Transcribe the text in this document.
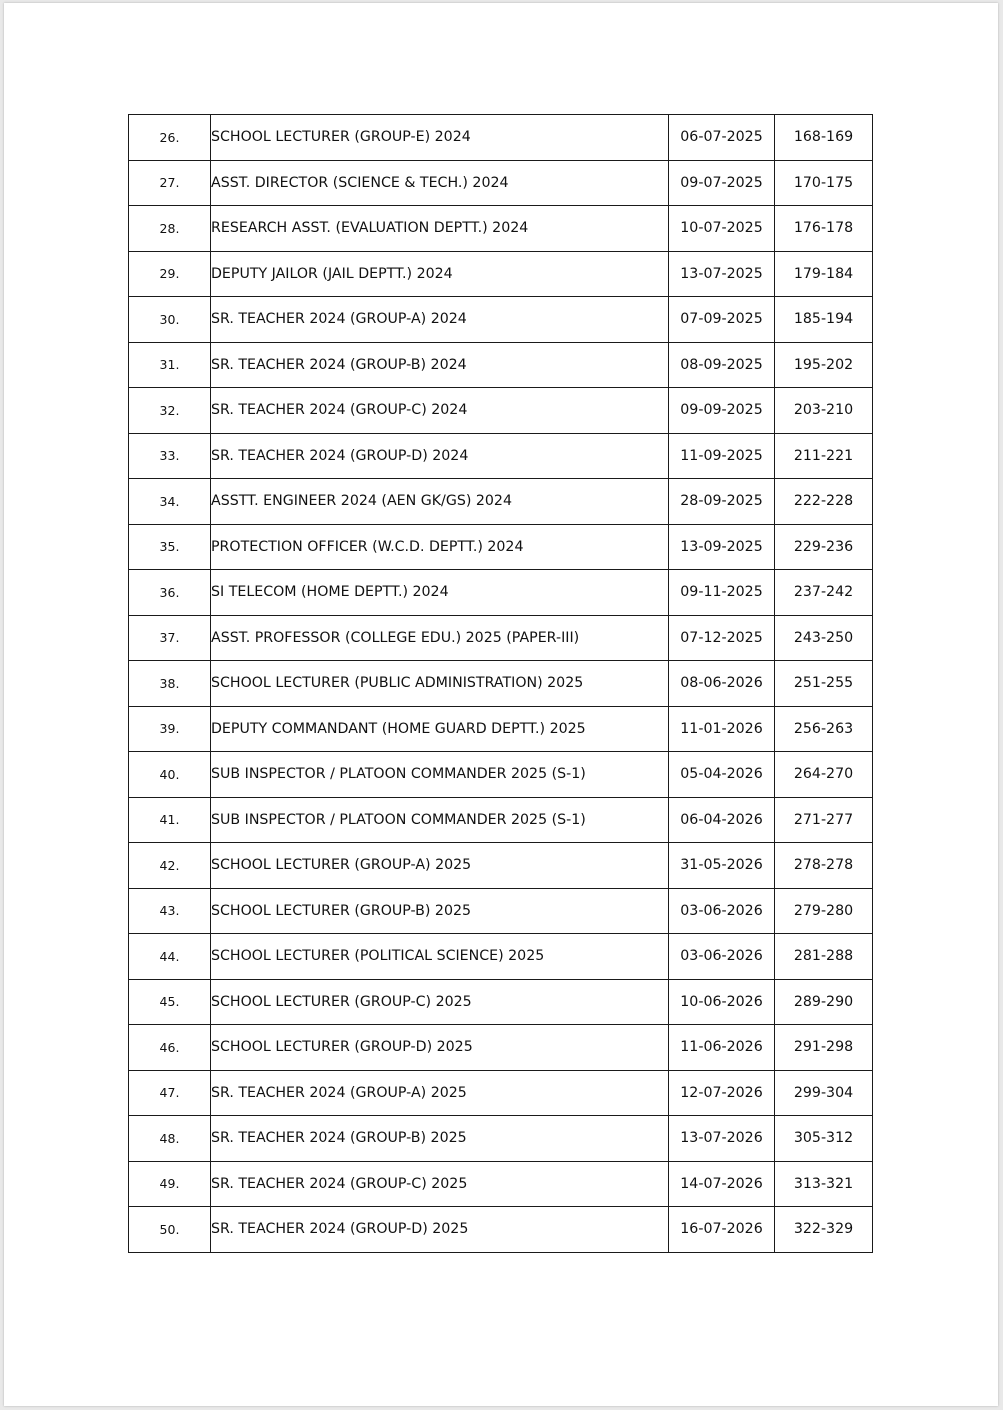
26.	SCHOOL LECTURER (GROUP-E) 2024	06-07-2025	168-169
27.	ASST. DIRECTOR (SCIENCE & TECH.) 2024	09-07-2025	170-175
28.	RESEARCH ASST. (EVALUATION DEPTT.) 2024	10-07-2025	176-178
29.	DEPUTY JAILOR (JAIL DEPTT.) 2024	13-07-2025	179-184
30.	SR. TEACHER 2024 (GROUP-A) 2024	07-09-2025	185-194
31.	SR. TEACHER 2024 (GROUP-B) 2024	08-09-2025	195-202
32.	SR. TEACHER 2024 (GROUP-C) 2024	09-09-2025	203-210
33.	SR. TEACHER 2024 (GROUP-D) 2024	11-09-2025	211-221
34.	ASSTT. ENGINEER 2024 (AEN GK/GS) 2024	28-09-2025	222-228
35.	PROTECTION OFFICER (W.C.D. DEPTT.) 2024	13-09-2025	229-236
36.	SI TELECOM (HOME DEPTT.) 2024	09-11-2025	237-242
37.	ASST. PROFESSOR (COLLEGE EDU.) 2025 (PAPER-III)	07-12-2025	243-250
38.	SCHOOL LECTURER (PUBLIC ADMINISTRATION) 2025	08-06-2026	251-255
39.	DEPUTY COMMANDANT (HOME GUARD DEPTT.) 2025	11-01-2026	256-263
40.	SUB INSPECTOR / PLATOON COMMANDER 2025 (S-1)	05-04-2026	264-270
41.	SUB INSPECTOR / PLATOON COMMANDER 2025 (S-1)	06-04-2026	271-277
42.	SCHOOL LECTURER (GROUP-A) 2025	31-05-2026	278-278
43.	SCHOOL LECTURER (GROUP-B) 2025	03-06-2026	279-280
44.	SCHOOL LECTURER (POLITICAL SCIENCE) 2025	03-06-2026	281-288
45.	SCHOOL LECTURER (GROUP-C) 2025	10-06-2026	289-290
46.	SCHOOL LECTURER (GROUP-D) 2025	11-06-2026	291-298
47.	SR. TEACHER 2024 (GROUP-A) 2025	12-07-2026	299-304
48.	SR. TEACHER 2024 (GROUP-B) 2025	13-07-2026	305-312
49.	SR. TEACHER 2024 (GROUP-C) 2025	14-07-2026	313-321
50.	SR. TEACHER 2024 (GROUP-D) 2025	16-07-2026	322-329
